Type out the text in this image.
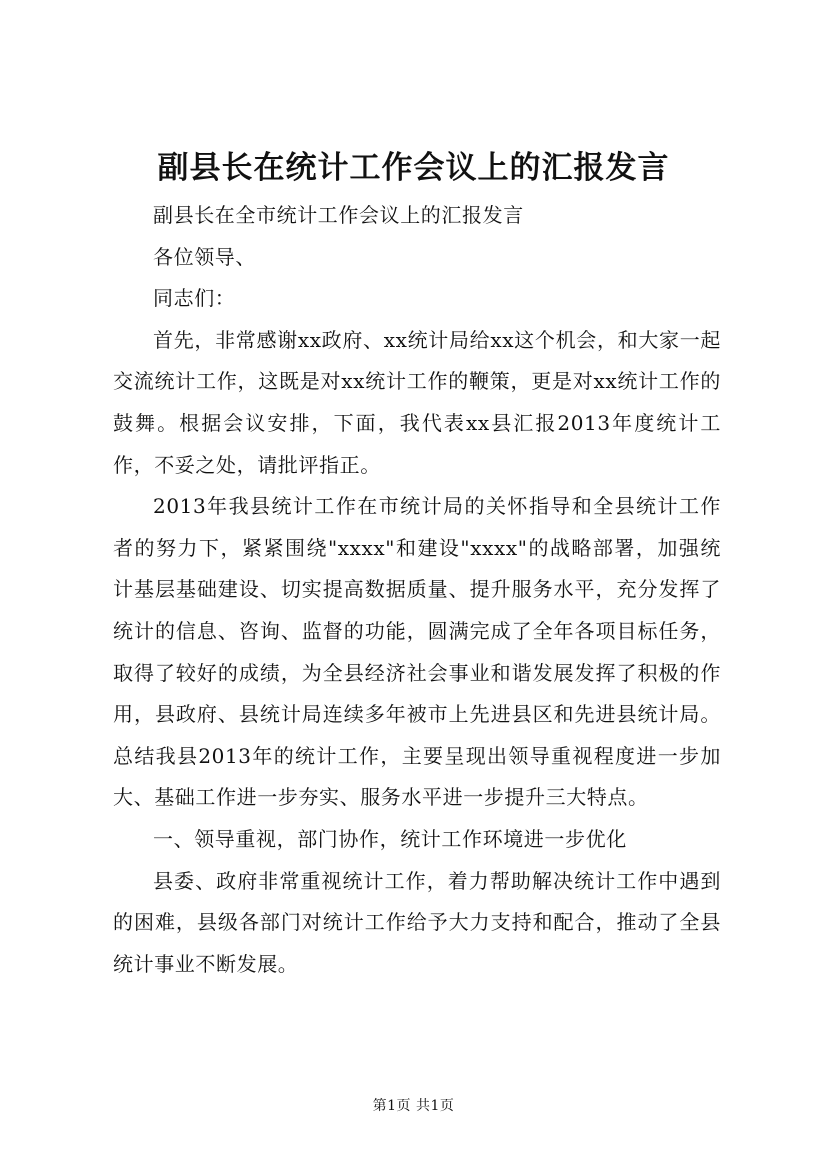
副县长在统计工作会议上的汇报发言

副县长在全市统计工作会议上的汇报发言

各位领导、

同志们：

首先，非常感谢xx政府、xx统计局给xx这个机会，和大家一起交流统计工作，这既是对xx统计工作的鞭策，更是对xx统计工作的鼓舞。根据会议安排，下面，我代表xx县汇报2013年度统计工作，不妥之处，请批评指正。

2013年我县统计工作在市统计局的关怀指导和全县统计工作者的努力下，紧紧围绕"xxxx"和建设"xxxx"的战略部署，加强统计基层基础建设、切实提高数据质量、提升服务水平，充分发挥了统计的信息、咨询、监督的功能，圆满完成了全年各项目标任务，取得了较好的成绩，为全县经济社会事业和谐发展发挥了积极的作用，县政府、县统计局连续多年被市上先进县区和先进县统计局。总结我县2013年的统计工作，主要呈现出领导重视程度进一步加大、基础工作进一步夯实、服务水平进一步提升三大特点。

一、领导重视，部门协作，统计工作环境进一步优化

县委、政府非常重视统计工作，着力帮助解决统计工作中遇到的困难，县级各部门对统计工作给予大力支持和配合，推动了全县统计事业不断发展。

第1页 共1页
